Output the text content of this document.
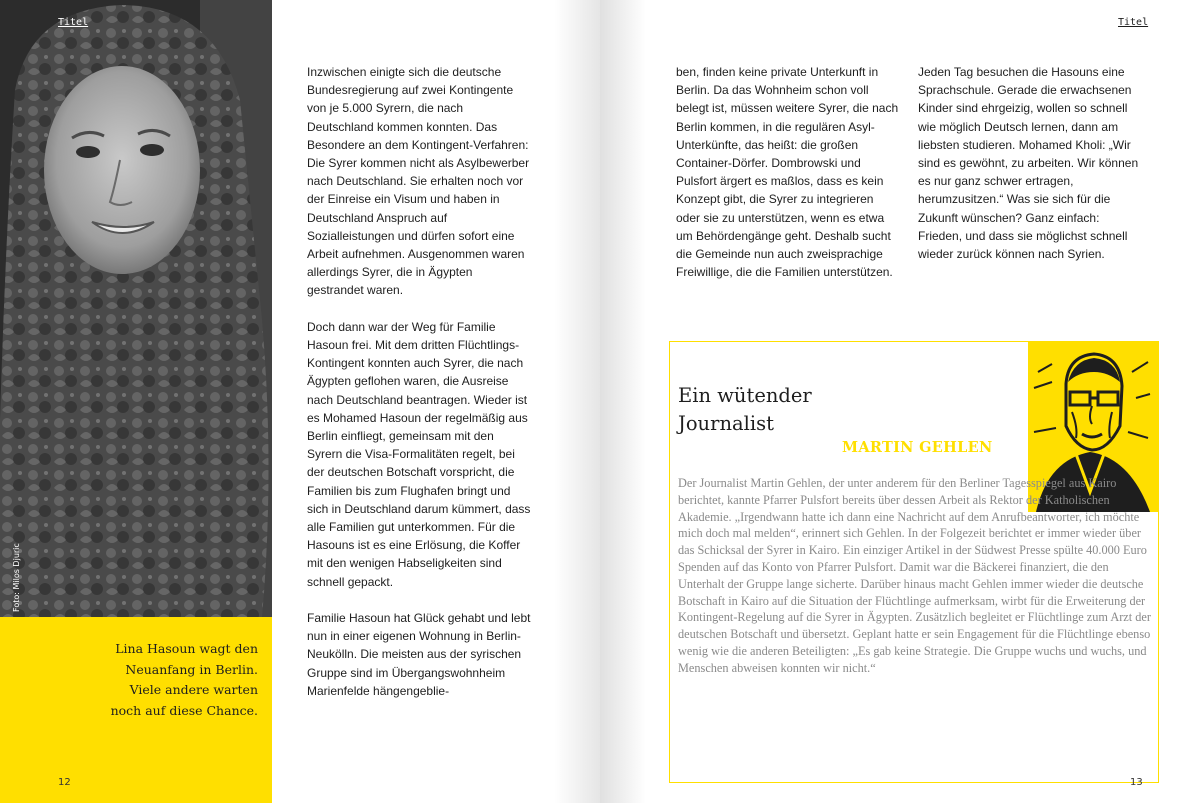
Titel
Foto: Milos Djuric
Lina Hasoun wagt den Neuanfang in Berlin. Viele andere warten noch auf diese Chance.
12

Inzwischen einigte sich die deutsche Bundesregierung auf zwei Kontingente von je 5.000 Syrern, die nach Deutschland kommen konnten. Das Besondere an dem Kontingent-Verfahren: Die Syrer kommen nicht als Asylbewerber nach Deutschland. Sie erhalten noch vor der Einreise ein Visum und haben in Deutschland Anspruch auf Sozialleistungen und dürfen sofort eine Arbeit aufnehmen. Ausgenommen waren allerdings Syrer, die in Ägypten gestrandet waren.

Doch dann war der Weg für Familie Hasoun frei. Mit dem dritten Flüchtlings-Kontingent konnten auch Syrer, die nach Ägypten geflohen waren, die Ausreise nach Deutschland beantragen. Wieder ist es Mohamed Hasoun der regelmäßig aus Berlin einfliegt, gemeinsam mit den Syrern die Visa-Formalitäten regelt, bei der deutschen Botschaft vorspricht, die Familien bis zum Flughafen bringt und sich in Deutschland darum kümmert, dass alle Familien gut unterkommen. Für die Hasouns ist es eine Erlösung, die Koffer mit den wenigen Habseligkeiten sind schnell gepackt.

Familie Hasoun hat Glück gehabt und lebt nun in einer eigenen Wohnung in Berlin-Neukölln. Die meisten aus der syrischen Gruppe sind im Übergangswohnheim Marienfelde hängengeblie-

Titel

ben, finden keine private Unterkunft in Berlin. Da das Wohnheim schon voll belegt ist, müssen weitere Syrer, die nach Berlin kommen, in die regulären Asyl-Unterkünfte, das heißt: die großen Container-Dörfer. Dombrowski und Pulsfort ärgert es maßlos, dass es kein Konzept gibt, die Syrer zu integrieren oder sie zu unterstützen, wenn es etwa um Behördengänge geht. Deshalb sucht die Gemeinde nun auch zweisprachige Freiwillige, die die Familien unterstützen.

Jeden Tag besuchen die Hasouns eine Sprachschule. Gerade die erwachsenen Kinder sind ehrgeizig, wollen so schnell wie möglich Deutsch lernen, dann am liebsten studieren. Mohamed Kholi: „Wir sind es gewöhnt, zu arbeiten. Wir können es nur ganz schwer ertragen, herumzusitzen.“ Was sie sich für die Zukunft wünschen? Ganz einfach: Frieden, und dass sie möglichst schnell wieder zurück können nach Syrien.

Ein wütender
Journalist
MARTIN GEHLEN

Der Journalist Martin Gehlen, der unter anderem für den Berliner Tagesspiegel aus Kairo berichtet, kannte Pfarrer Pulsfort bereits über dessen Arbeit als Rektor der Katholischen Akademie. „Irgendwann hatte ich dann eine Nachricht auf dem Anrufbeantworter, ich möchte mich doch mal melden“, erinnert sich Gehlen. In der Folgezeit berichtet er immer wieder über das Schicksal der Syrer in Kairo. Ein einziger Artikel in der Südwest Presse spülte 40.000 Euro Spenden auf das Konto von Pfarrer Pulsfort. Damit war die Bäckerei finanziert, die den Unterhalt der Gruppe lange sicherte. Darüber hinaus macht Gehlen immer wieder die deutsche Botschaft in Kairo auf die Situation der Flüchtlinge aufmerksam, wirbt für die Erweiterung der Kontingent-Regelung auf die Syrer in Ägypten. Zusätzlich begleitet er Flüchtlinge zum Arzt der deutschen Botschaft und übersetzt. Geplant hatte er sein Engagement für die Flüchtlinge ebenso wenig wie die anderen Beteiligten: „Es gab keine Strategie. Die Gruppe wuchs und wuchs, und Menschen abweisen konnten wir nicht.“

13
